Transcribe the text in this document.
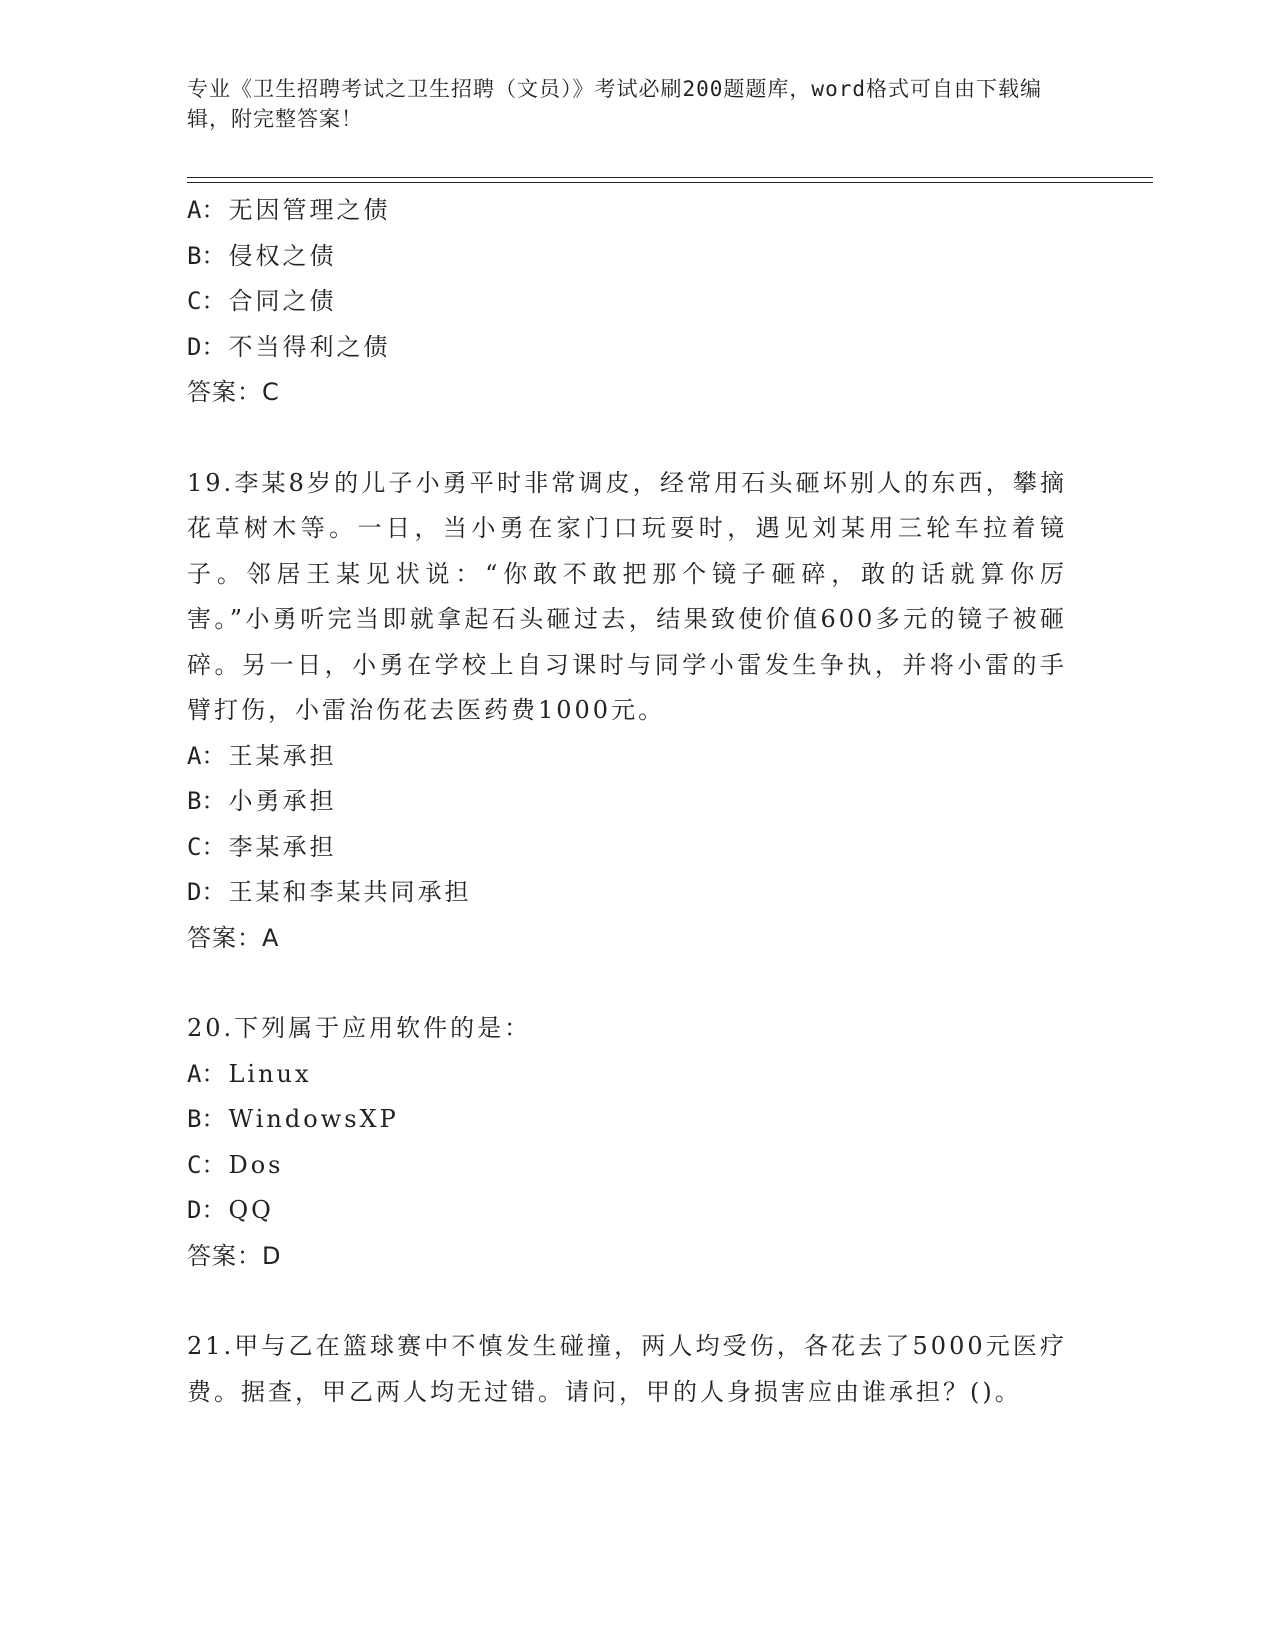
专业《卫生招聘考试之卫生招聘（文员）》考试必刷200题题库，word格式可自由下载编辑，附完整答案！
A：无因管理之债
B：侵权之债
C：合同之债
D：不当得利之债
答案：C
19.李某8岁的儿子小勇平时非常调皮，经常用石头砸坏别人的东西，攀摘花草树木等。一日，当小勇在家门口玩耍时，遇见刘某用三轮车拉着镜子。邻居王某见状说：“你敢不敢把那个镜子砸碎，敢的话就算你厉害。”小勇听完当即就拿起石头砸过去，结果致使价值600多元的镜子被砸碎。另一日，小勇在学校上自习课时与同学小雷发生争执，并将小雷的手臂打伤，小雷治伤花去医药费1000元。
A：王某承担
B：小勇承担
C：李某承担
D：王某和李某共同承担
答案：A
20.下列属于应用软件的是：
A：Linux
B：WindowsXP
C：Dos
D：QQ
答案：D
21.甲与乙在篮球赛中不慎发生碰撞，两人均受伤，各花去了5000元医疗费。据查，甲乙两人均无过错。请问，甲的人身损害应由谁承担？()。
